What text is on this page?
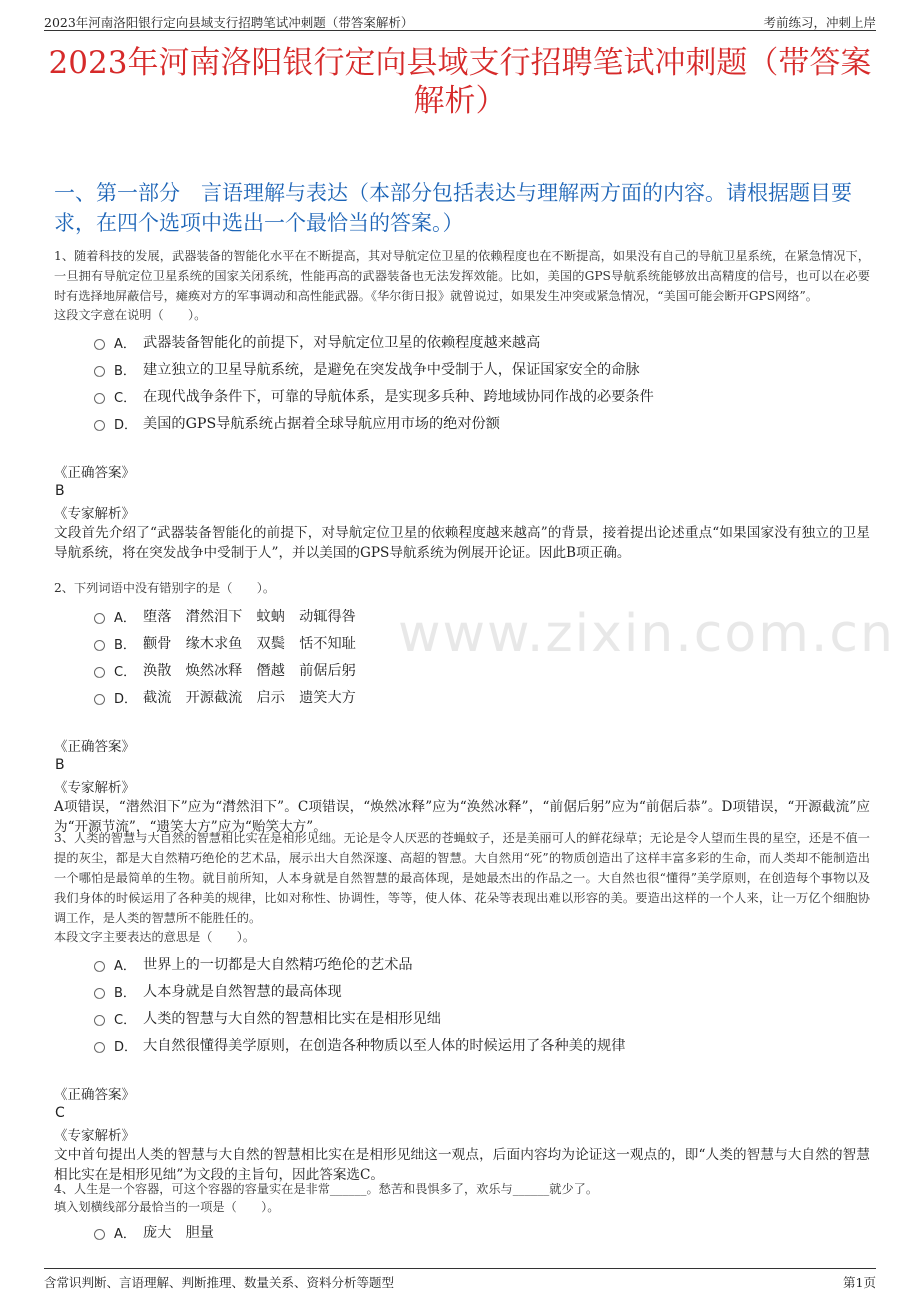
2023年河南洛阳银行定向县域支行招聘笔试冲刺题（带答案解析）	考前练习，冲刺上岸
2023年河南洛阳银行定向县域支行招聘笔试冲刺题（带答案解析）
一、第一部分　言语理解与表达（本部分包括表达与理解两方面的内容。请根据题目要求，在四个选项中选出一个最恰当的答案。）
www.zixin.com.cn
1、随着科技的发展，武器装备的智能化水平在不断提高，其对导航定位卫星的依赖程度也在不断提高，如果没有自己的导航卫星系统，在紧急情况下，一旦拥有导航定位卫星系统的国家关闭系统，性能再高的武器装备也无法发挥效能。比如，美国的GPS导航系统能够放出高精度的信号，也可以在必要时有选择地屏蔽信号，瘫痪对方的军事调动和高性能武器。《华尔街日报》就曾说过，如果发生冲突或紧急情况，“美国可能会断开GPS网络”。
这段文字意在说明（　　）。
A． 武器装备智能化的前提下，对导航定位卫星的依赖程度越来越高
B． 建立独立的卫星导航系统，是避免在突发战争中受制于人，保证国家安全的命脉
C． 在现代战争条件下，可靠的导航体系，是实现多兵种、跨地域协同作战的必要条件
D． 美国的GPS导航系统占据着全球导航应用市场的绝对份额
《正确答案》
B
《专家解析》
文段首先介绍了“武器装备智能化的前提下，对导航定位卫星的依赖程度越来越高”的背景，接着提出论述重点“如果国家没有独立的卫星导航系统，将在突发战争中受制于人”，并以美国的GPS导航系统为例展开论证。因此B项正确。
2、下列词语中没有错别字的是（　　）。
A． 堕落　潸然泪下　蚊蚋　动辄得咎
B． 颧骨　缘木求鱼　双鬓　恬不知耻
C． 涣散　焕然冰释　僭越　前倨后躬
D． 截流　开源截流　启示　遗笑大方
《正确答案》
B
《专家解析》
A项错误，“潜然泪下”应为“潸然泪下”。C项错误，“焕然冰释”应为“涣然冰释”，“前倨后躬”应为“前倨后恭”。D项错误，“开源截流”应为“开源节流”，“遗笑大方”应为“贻笑大方”。
3、人类的智慧与大自然的智慧相比实在是相形见绌。无论是令人厌恶的苍蝇蚊子，还是美丽可人的鲜花绿草；无论是令人望而生畏的星空，还是不值一提的灰尘，都是大自然精巧绝伦的艺术品，展示出大自然深邃、高超的智慧。大自然用“死”的物质创造出了这样丰富多彩的生命，而人类却不能制造出一个哪怕是最简单的生物。就目前所知，人本身就是自然智慧的最高体现，是她最杰出的作品之一。大自然也很“懂得”美学原则，在创造每个事物以及我们身体的时候运用了各种美的规律，比如对称性、协调性，等等，使人体、花朵等表现出难以形容的美。要造出这样的一个人来，让一万亿个细胞协调工作，是人类的智慧所不能胜任的。
本段文字主要表达的意思是（　　）。
A． 世界上的一切都是大自然精巧绝伦的艺术品
B． 人本身就是自然智慧的最高体现
C． 人类的智慧与大自然的智慧相比实在是相形见绌
D． 大自然很懂得美学原则，在创造各种物质以至人体的时候运用了各种美的规律
《正确答案》
C
《专家解析》
文中首句提出人类的智慧与大自然的智慧相比实在是相形见绌这一观点，后面内容均为论证这一观点的，即“人类的智慧与大自然的智慧相比实在是相形见绌”为文段的主旨句，因此答案选C。
4、人生是一个容器，可这个容器的容量实在是非常______。愁苦和畏惧多了，欢乐与______就少了。
填入划横线部分最恰当的一项是（　　）。
A． 庞大　胆量
含常识判断、言语理解、判断推理、数量关系、资料分析等题型	第1页
